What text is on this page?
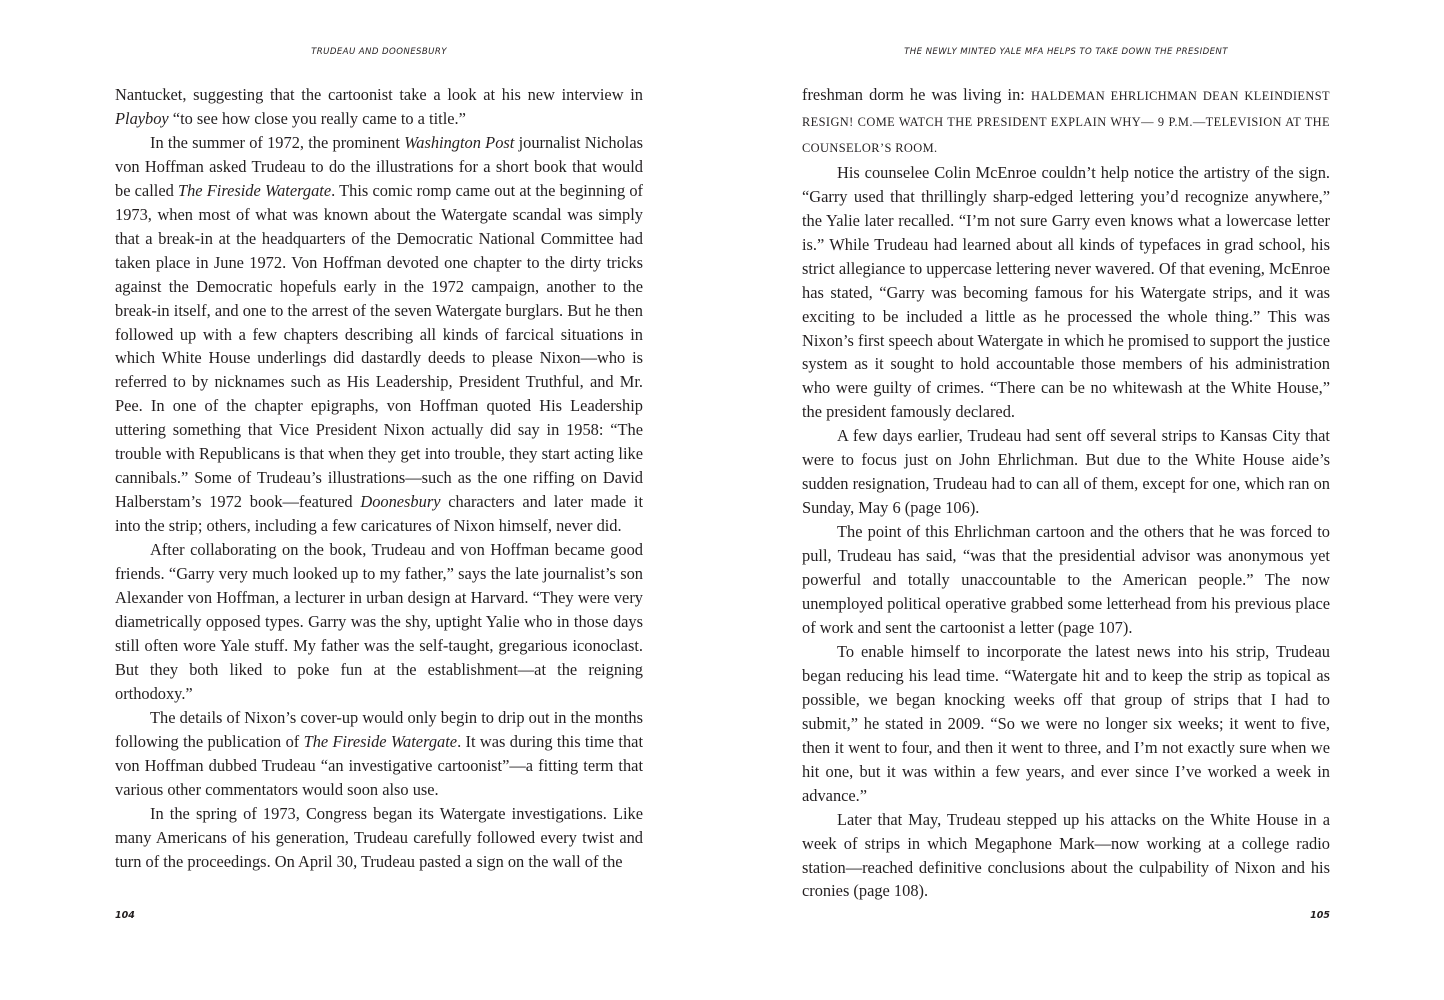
TRUDEAU AND DOONESBURY

Nantucket, suggesting that the cartoonist take a look at his new interview in Playboy “to see how close you really came to a title.”

In the summer of 1972, the prominent Washington Post journalist Nicholas von Hoffman asked Trudeau to do the illustrations for a short book that would be called The Fireside Watergate. This comic romp came out at the beginning of 1973, when most of what was known about the Watergate scandal was simply that a break-in at the headquarters of the Democratic National Committee had taken place in June 1972. Von Hoffman devoted one chapter to the dirty tricks against the Democratic hopefuls early in the 1972 campaign, another to the break-in itself, and one to the arrest of the seven Watergate burglars. But he then followed up with a few chapters describing all kinds of farcical situations in which White House underlings did dastardly deeds to please Nixon—who is referred to by nicknames such as His Leadership, President Truthful, and Mr. Pee. In one of the chapter epigraphs, von Hoffman quoted His Leadership uttering something that Vice President Nixon actually did say in 1958: “The trouble with Republicans is that when they get into trouble, they start acting like cannibals.” Some of Trudeau’s illustrations—such as the one riffing on David Halberstam’s 1972 book—featured Doonesbury characters and later made it into the strip; others, including a few caricatures of Nixon himself, never did.

After collaborating on the book, Trudeau and von Hoffman became good friends. “Garry very much looked up to my father,” says the late journalist’s son Alexander von Hoffman, a lecturer in urban design at Harvard. “They were very diametrically opposed types. Garry was the shy, uptight Yalie who in those days still often wore Yale stuff. My father was the self-taught, gregarious iconoclast. But they both liked to poke fun at the establishment—at the reigning orthodoxy.”

The details of Nixon’s cover-up would only begin to drip out in the months following the publication of The Fireside Watergate. It was during this time that von Hoffman dubbed Trudeau “an investigative cartoonist”—a fitting term that various other commentators would soon also use.

In the spring of 1973, Congress began its Watergate investigations. Like many Americans of his generation, Trudeau carefully followed every twist and turn of the proceedings. On April 30, Trudeau pasted a sign on the wall of the

104
THE NEWLY MINTED YALE MFA HELPS TO TAKE DOWN THE PRESIDENT

freshman dorm he was living in: HALDEMAN EHRLICHMAN DEAN KLEINDIENST RESIGN! COME WATCH THE PRESIDENT EXPLAIN WHY— 9 P.M.—TELEVISION AT THE COUNSELOR’S ROOM.

His counselee Colin McEnroe couldn’t help notice the artistry of the sign. “Garry used that thrillingly sharp-edged lettering you’d recognize anywhere,” the Yalie later recalled. “I’m not sure Garry even knows what a lowercase letter is.” While Trudeau had learned about all kinds of typefaces in grad school, his strict allegiance to uppercase lettering never wavered. Of that evening, McEnroe has stated, “Garry was becoming famous for his Watergate strips, and it was exciting to be included a little as he processed the whole thing.” This was Nixon’s first speech about Watergate in which he promised to support the justice system as it sought to hold accountable those members of his administration who were guilty of crimes. “There can be no whitewash at the White House,” the president famously declared.

A few days earlier, Trudeau had sent off several strips to Kansas City that were to focus just on John Ehrlichman. But due to the White House aide’s sudden resignation, Trudeau had to can all of them, except for one, which ran on Sunday, May 6 (page 106).

The point of this Ehrlichman cartoon and the others that he was forced to pull, Trudeau has said, “was that the presidential advisor was anonymous yet powerful and totally unaccountable to the American people.” The now unemployed political operative grabbed some letterhead from his previous place of work and sent the cartoonist a letter (page 107).

To enable himself to incorporate the latest news into his strip, Trudeau began reducing his lead time. “Watergate hit and to keep the strip as topical as possible, we began knocking weeks off that group of strips that I had to submit,” he stated in 2009. “So we were no longer six weeks; it went to five, then it went to four, and then it went to three, and I’m not exactly sure when we hit one, but it was within a few years, and ever since I’ve worked a week in advance.”

Later that May, Trudeau stepped up his attacks on the White House in a week of strips in which Megaphone Mark—now working at a college radio station—reached definitive conclusions about the culpability of Nixon and his cronies (page 108).

105
